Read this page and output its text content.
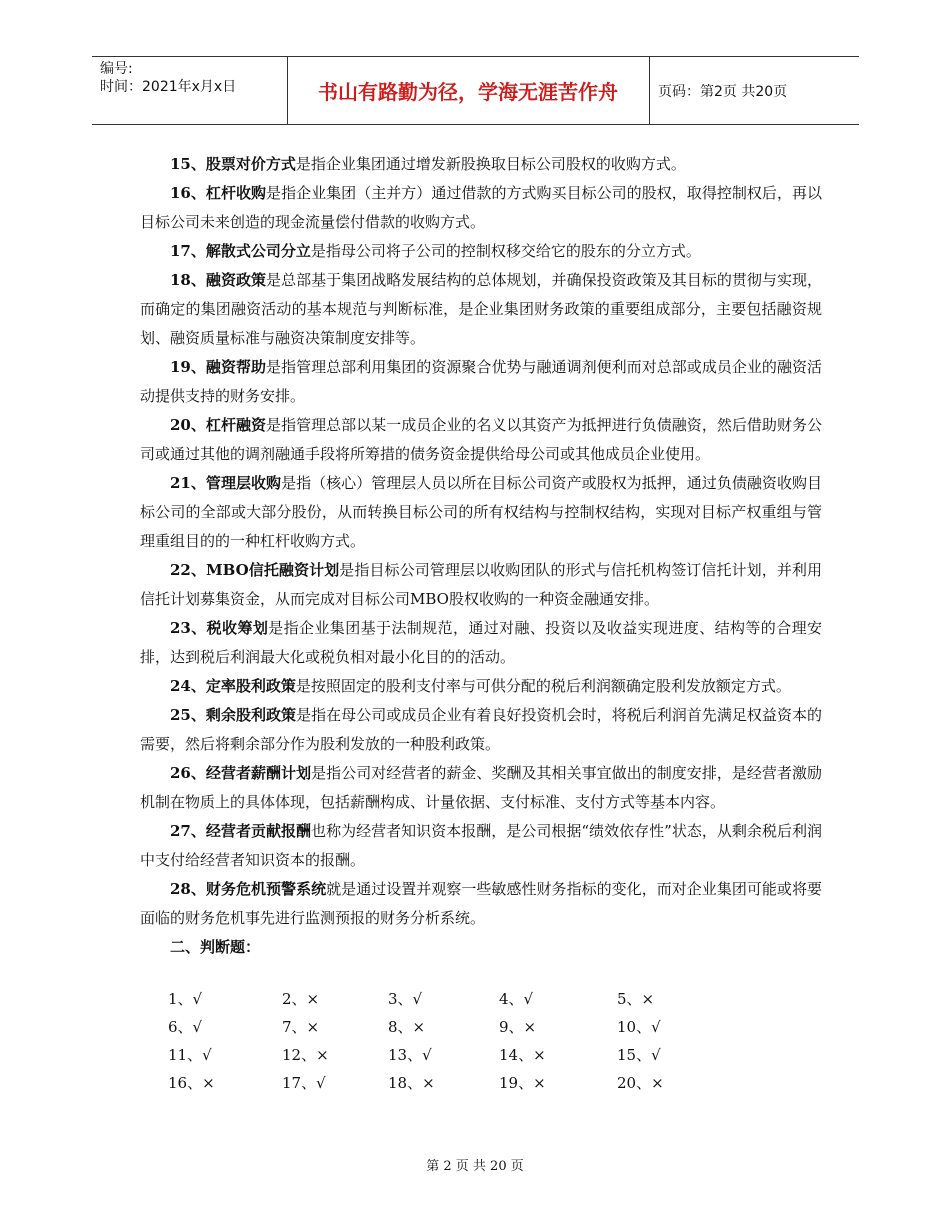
编号:
时间：2021年x月x日	书山有路勤为径，学海无涯苦作舟	页码：第2页 共20页

15、股票对价方式是指企业集团通过增发新股换取目标公司股权的收购方式。

16、杠杆收购是指企业集团（主并方）通过借款的方式购买目标公司的股权，取得控制权后，再以目标公司未来创造的现金流量偿付借款的收购方式。

17、解散式公司分立是指母公司将子公司的控制权移交给它的股东的分立方式。

18、融资政策是总部基于集团战略发展结构的总体规划，并确保投资政策及其目标的贯彻与实现，而确定的集团融资活动的基本规范与判断标准，是企业集团财务政策的重要组成部分，主要包括融资规划、融资质量标准与融资决策制度安排等。

19、融资帮助是指管理总部利用集团的资源聚合优势与融通调剂便利而对总部或成员企业的融资活动提供支持的财务安排。

20、杠杆融资是指管理总部以某一成员企业的名义以其资产为抵押进行负债融资，然后借助财务公司或通过其他的调剂融通手段将所筹措的债务资金提供给母公司或其他成员企业使用。

21、管理层收购是指（核心）管理层人员以所在目标公司资产或股权为抵押，通过负债融资收购目标公司的全部或大部分股份，从而转换目标公司的所有权结构与控制权结构，实现对目标产权重组与管理重组目的的一种杠杆收购方式。

22、MBO信托融资计划是指目标公司管理层以收购团队的形式与信托机构签订信托计划，并利用信托计划募集资金，从而完成对目标公司MBO股权收购的一种资金融通安排。

23、税收筹划是指企业集团基于法制规范，通过对融、投资以及收益实现进度、结构等的合理安排，达到税后利润最大化或税负相对最小化目的的活动。

24、定率股利政策是按照固定的股利支付率与可供分配的税后利润额确定股利发放额定方式。

25、剩余股利政策是指在母公司或成员企业有着良好投资机会时，将税后利润首先满足权益资本的需要，然后将剩余部分作为股利发放的一种股利政策。

26、经营者薪酬计划是指公司对经营者的薪金、奖酬及其相关事宜做出的制度安排，是经营者激励机制在物质上的具体体现，包括薪酬构成、计量依据、支付标准、支付方式等基本内容。

27、经营者贡献报酬也称为经营者知识资本报酬，是公司根据“绩效依存性”状态，从剩余税后利润中支付给经营者知识资本的报酬。

28、财务危机预警系统就是通过设置并观察一些敏感性财务指标的变化，而对企业集团可能或将要面临的财务危机事先进行监测预报的财务分析系统。

二、判断题：

1、√	2、×	3、√	4、√	5、×
6、√	7、×	8、×	9、×	10、√
11、√	12、×	13、√	14、×	15、√
16、×	17、√	18、×	19、×	20、×
第 2 页 共 20 页
